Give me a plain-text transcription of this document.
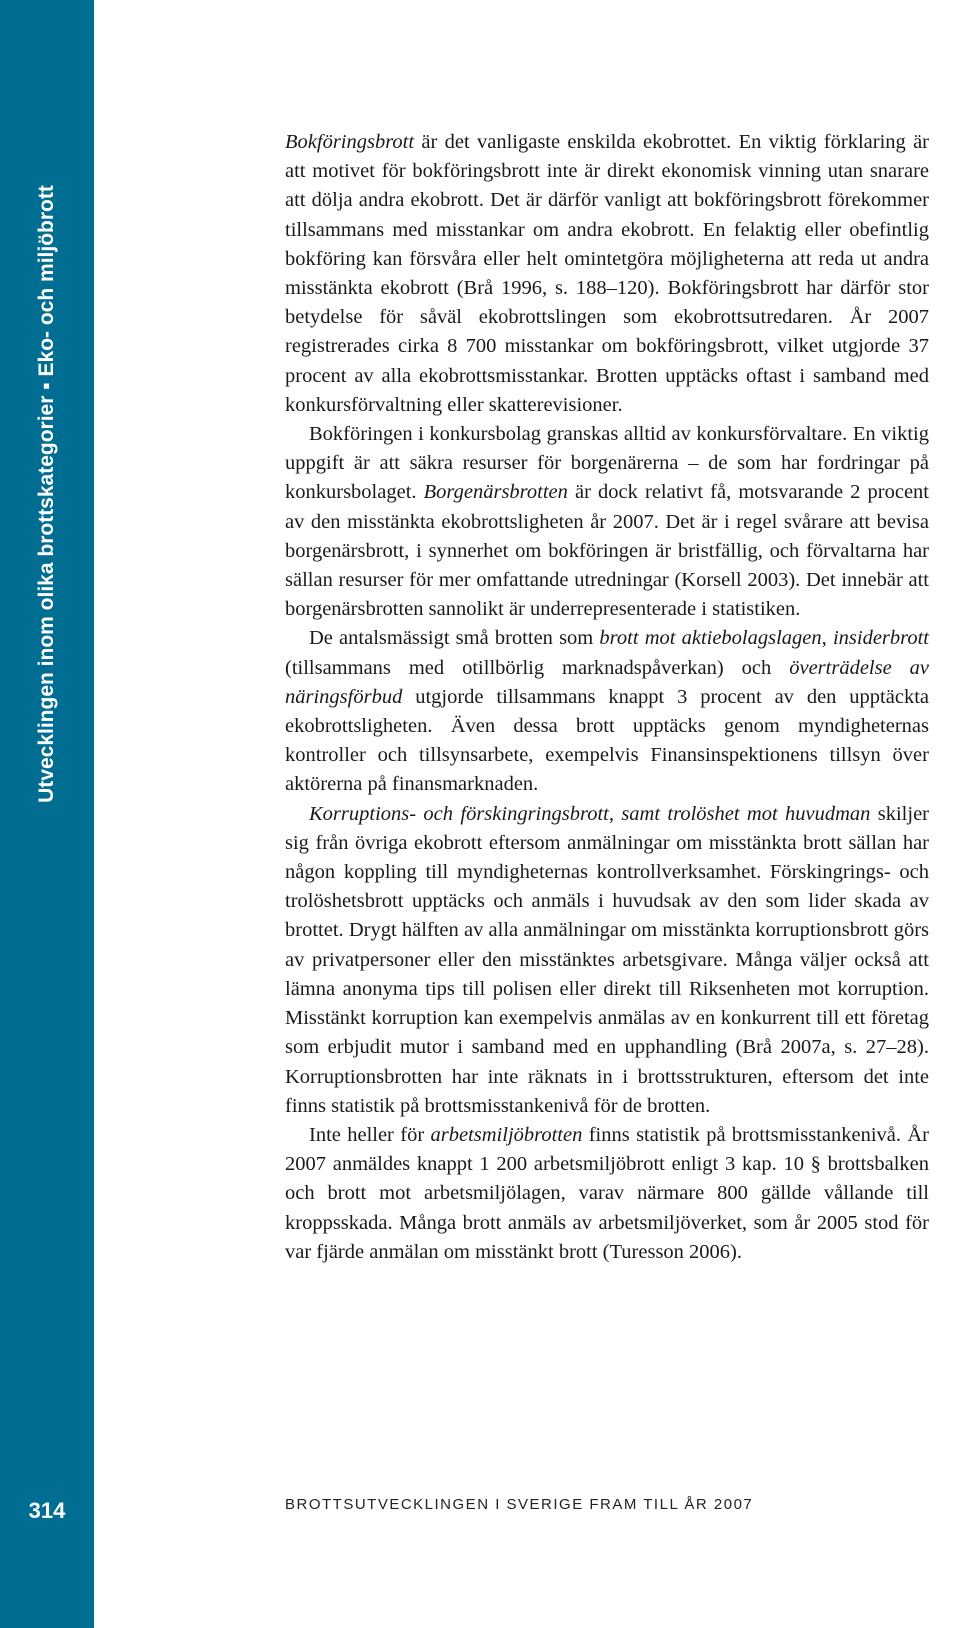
Utvecklingen inom olika brottskategorier ▪ Eko- och miljöbrott
314

Bokföringsbrott är det vanligaste enskilda ekobrottet. En viktig förklaring är att motivet för bokföringsbrott inte är direkt ekonomisk vinning utan snarare att dölja andra ekobrott. Det är därför vanligt att bokföringsbrott förekommer tillsammans med misstankar om andra ekobrott. En felaktig eller obefintlig bokföring kan försvåra eller helt omintetgöra möjligheterna att reda ut andra misstänkta ekobrott (Brå 1996, s. 188–120). Bokföringsbrott har därför stor betydelse för såväl ekobrottslingen som ekobrottsutredaren. År 2007 registrerades cirka 8 700 misstankar om bokföringsbrott, vilket utgjorde 37 procent av alla ekobrottsmisstankar. Brotten upptäcks oftast i samband med konkursförvaltning eller skatterevisioner.

Bokföringen i konkursbolag granskas alltid av konkursförvaltare. En viktig uppgift är att säkra resurser för borgenärerna – de som har fordringar på konkursbolaget. Borgenärsbrotten är dock relativt få, motsvarande 2 procent av den misstänkta ekobrottsligheten år 2007. Det är i regel svårare att bevisa borgenärsbrott, i synnerhet om bokföringen är bristfällig, och förvaltarna har sällan resurser för mer omfattande utredningar (Korsell 2003). Det innebär att borgenärsbrotten sannolikt är underrepresenterade i statistiken.

De antalsmässigt små brotten som brott mot aktiebolagslagen, insiderbrott (tillsammans med otillbörlig marknadspåverkan) och överträdelse av näringsförbud utgjorde tillsammans knappt 3 procent av den upptäckta ekobrottsligheten. Även dessa brott upptäcks genom myndigheternas kontroller och tillsynsarbete, exempelvis Finansinspektionens tillsyn över aktörerna på finansmarknaden.

Korruptions- och förskingringsbrott, samt trolöshet mot huvudman skiljer sig från övriga ekobrott eftersom anmälningar om misstänkta brott sällan har någon koppling till myndigheternas kontrollverksamhet. Förskingrings- och trolöshetsbrott upptäcks och anmäls i huvudsak av den som lider skada av brottet. Drygt hälften av alla anmälningar om misstänkta korruptionsbrott görs av privatpersoner eller den misstänktes arbetsgivare. Många väljer också att lämna anonyma tips till polisen eller direkt till Riksenheten mot korruption. Misstänkt korruption kan exempelvis anmälas av en konkurrent till ett företag som erbjudit mutor i samband med en upphandling (Brå 2007a, s. 27–28). Korruptionsbrotten har inte räknats in i brottsstrukturen, eftersom det inte finns statistik på brottsmisstankenivå för de brotten.

Inte heller för arbetsmiljöbrotten finns statistik på brottsmisstankenivå. År 2007 anmäldes knappt 1 200 arbetsmiljöbrott enligt 3 kap. 10 § brottsbalken och brott mot arbetsmiljölagen, varav närmare 800 gällde vållande till kroppsskada. Många brott anmäls av arbetsmiljöverket, som år 2005 stod för var fjärde anmälan om misstänkt brott (Turesson 2006).

BROTTSUTVECKLINGEN I SVERIGE FRAM TILL ÅR 2007
